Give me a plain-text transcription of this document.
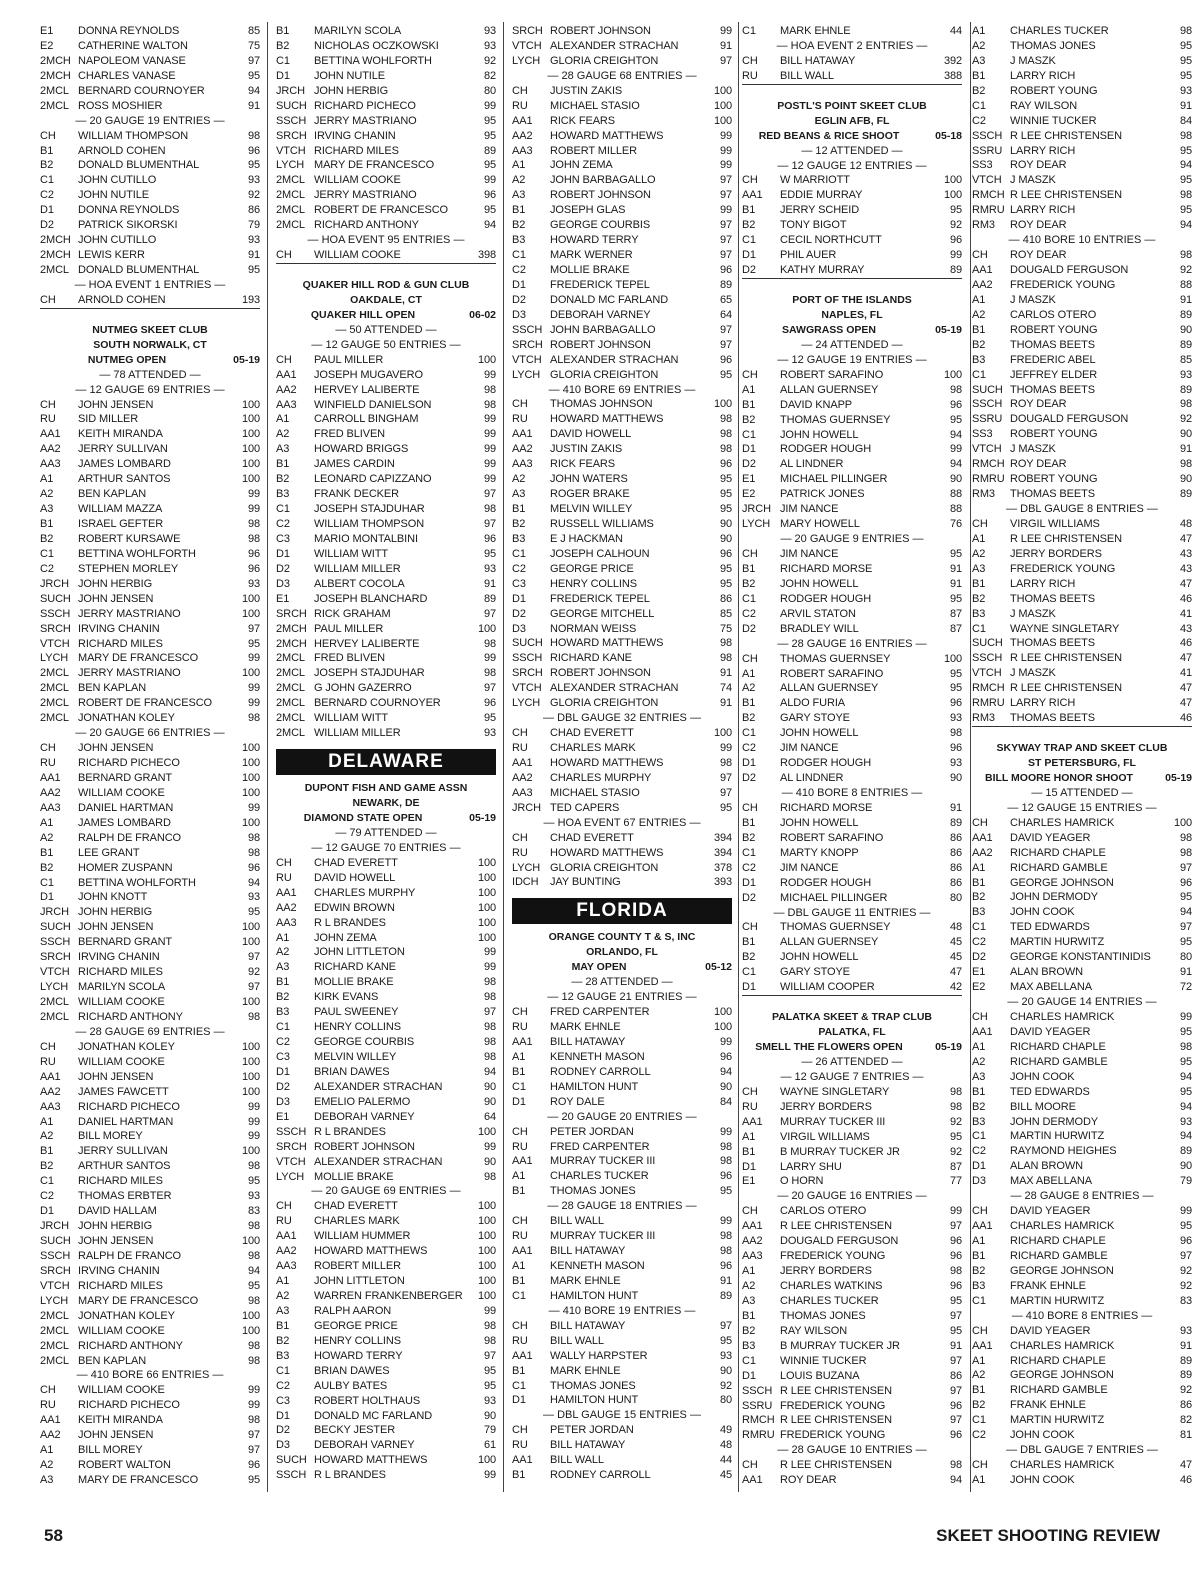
E1	DONNA REYNOLDS	85
E2	CATHERINE WALTON	75
2MCH NAPOLEOM VANASE	97
2MCH CHARLES VANASE	95
2MCL BERNARD COURNOYER	94
2MCL ROSS MOSHIER	91
— 20 GAUGE 19 ENTRIES —
CH	WILLIAM THOMPSON	98
B1	ARNOLD COHEN	96
B2	DONALD BLUMENTHAL	95
C1	JOHN CUTILLO	93
C2	JOHN NUTILE	92
D1	DONNA REYNOLDS	86
D2	PATRICK SIKORSKI	79
2MCH JOHN CUTILLO	93
2MCH LEWIS KERR	91
2MCL DONALD BLUMENTHAL	95
— HOA EVENT 1 ENTRIES —
CH	ARNOLD COHEN	193
NUTMEG SKEET CLUB
SOUTH NORWALK, CT
NUTMEG OPEN	05-19
— 78 ATTENDED —
— 12 GAUGE 69 ENTRIES —
CH	JOHN JENSEN	100
RU	SID MILLER	100
AA1	KEITH MIRANDA	100
AA2	JERRY SULLIVAN	100
AA3	JAMES LOMBARD	100
A1	ARTHUR SANTOS	100
A2	BEN KAPLAN	99
A3	WILLIAM MAZZA	99
B1	ISRAEL GEFTER	98
B2	ROBERT KURSAWE	98
C1	BETTINA WOHLFORTH	96
C2	STEPHEN MORLEY	96
JRCH JOHN HERBIG	93
SUCH JOHN JENSEN	100
SSCH JERRY MASTRIANO	100
SRCH IRVING CHANIN	97
VTCH RICHARD MILES	95
LYCH MARY DE FRANCESCO	99
2MCL JERRY MASTRIANO	100
2MCL BEN KAPLAN	99
2MCL ROBERT DE FRANCESCO	99
2MCL JONATHAN KOLEY	98
— 20 GAUGE 66 ENTRIES —
CH	JOHN JENSEN	100
RU	RICHARD PICHECO	100
AA1	BERNARD GRANT	100
AA2	WILLIAM COOKE	100
AA3	DANIEL HARTMAN	99
A1	JAMES LOMBARD	100
A2	RALPH DE FRANCO	98
B1	LEE GRANT	98
B2	HOMER ZUSPANN	96
C1	BETTINA WOHLFORTH	94
D1	JOHN KNOTT	93
JRCH JOHN HERBIG	95
SUCH JOHN JENSEN	100
SSCH BERNARD GRANT	100
SRCH IRVING CHANIN	97
VTCH RICHARD MILES	92
LYCH MARILYN SCOLA	97
2MCL WILLIAM COOKE	100
2MCL RICHARD ANTHONY	98
— 28 GAUGE 69 ENTRIES —
CH	JONATHAN KOLEY	100
RU	WILLIAM COOKE	100
AA1	JOHN JENSEN	100
AA2	JAMES FAWCETT	100
AA3	RICHARD PICHECO	99
A1	DANIEL HARTMAN	99
A2	BILL MOREY	99
B1	JERRY SULLIVAN	100
B2	ARTHUR SANTOS	98
C1	RICHARD MILES	95
C2	THOMAS ERBTER	93
D1	DAVID HALLAM	83
JRCH JOHN HERBIG	98
SUCH JOHN JENSEN	100
SSCH RALPH DE FRANCO	98
SRCH IRVING CHANIN	94
VTCH RICHARD MILES	95
LYCH MARY DE FRANCESCO	98
2MCL JONATHAN KOLEY	100
2MCL WILLIAM COOKE	100
2MCL RICHARD ANTHONY	98
2MCL BEN KAPLAN	98
— 410 BORE 66 ENTRIES —
CH	WILLIAM COOKE	99
RU	RICHARD PICHECO	99
AA1	KEITH MIRANDA	98
AA2	JOHN JENSEN	97
A1	BILL MOREY	97
A2	ROBERT WALTON	96
A3	MARY DE FRANCESCO	95
B1	MARILYN SCOLA	93
B2	NICHOLAS OCZKOWSKI	93
C1	BETTINA WOHLFORTH	92
D1	JOHN NUTILE	82
JRCH JOHN HERBIG	80
SUCH RICHARD PICHECO	99
SSCH JERRY MASTRIANO	95
SRCH IRVING CHANIN	95
VTCH RICHARD MILES	89
LYCH MARY DE FRANCESCO	95
2MCL WILLIAM COOKE	99
2MCL JERRY MASTRIANO	96
2MCL ROBERT DE FRANCESCO	95
2MCL RICHARD ANTHONY	94
— HOA EVENT 95 ENTRIES —
CH	WILLIAM COOKE	398
QUAKER HILL ROD & GUN CLUB
OAKDALE, CT
QUAKER HILL OPEN	06-02
— 50 ATTENDED —
— 12 GAUGE 50 ENTRIES —
CH	PAUL MILLER	100
AA1	JOSEPH MUGAVERO	99
AA2	HERVEY LALIBERTE	98
AA3	WINFIELD DANIELSON	98
A1	CARROLL BINGHAM	99
A2	FRED BLIVEN	99
A3	HOWARD BRIGGS	99
B1	JAMES CARDIN	99
B2	LEONARD CAPIZZANO	99
B3	FRANK DECKER	97
C1	JOSEPH STAJDUHAR	98
C2	WILLIAM THOMPSON	97
C3	MARIO MONTALBINI	96
D1	WILLIAM WITT	95
D2	WILLIAM MILLER	93
D3	ALBERT COCOLA	91
E1	JOSEPH BLANCHARD	89
SRCH RICK GRAHAM	97
2MCH PAUL MILLER	100
2MCH HERVEY LALIBERTE	98
2MCL FRED BLIVEN	99
2MCL JOSEPH STAJDUHAR	98
2MCL G JOHN GAZERRO	97
2MCL BERNARD COURNOYER	96
2MCL WILLIAM WITT	95
2MCL WILLIAM MILLER	93
DELAWARE
DUPONT FISH AND GAME ASSN
NEWARK, DE
DIAMOND STATE OPEN	05-19
— 79 ATTENDED —
— 12 GAUGE 70 ENTRIES —
CH	CHAD EVERETT	100
RU	DAVID HOWELL	100
AA1	CHARLES MURPHY	100
AA2	EDWIN BROWN	100
AA3	R L BRANDES	100
A1	JOHN ZEMA	100
A2	JOHN LITTLETON	99
A3	RICHARD KANE	99
B1	MOLLIE BRAKE	98
B2	KIRK EVANS	98
B3	PAUL SWEENEY	97
C1	HENRY COLLINS	98
C2	GEORGE COURBIS	98
C3	MELVIN WILLEY	98
D1	BRIAN DAWES	94
D2	ALEXANDER STRACHAN	90
D3	EMELIO PALERMO	90
E1	DEBORAH VARNEY	64
SSCH R L BRANDES	100
SRCH ROBERT JOHNSON	99
VTCH ALEXANDER STRACHAN	90
LYCH MOLLIE BRAKE	98
— 20 GAUGE 69 ENTRIES —
CH	CHAD EVERETT	100
RU	CHARLES MARK	100
AA1	WILLIAM HUMMER	100
AA2	HOWARD MATTHEWS	100
AA3	ROBERT MILLER	100
A1	JOHN LITTLETON	100
A2	WARREN FRANKENBERGER	100
A3	RALPH AARON	99
B1	GEORGE PRICE	98
B2	HENRY COLLINS	98
B3	HOWARD TERRY	97
C1	BRIAN DAWES	95
C2	AULBY BATES	95
C3	ROBERT HOLTHAUS	93
D1	DONALD MC FARLAND	90
D2	BECKY JESTER	79
D3	DEBORAH VARNEY	61
SUCH HOWARD MATTHEWS	100
SSCH R L BRANDES	99
SRCH ROBERT JOHNSON	99
VTCH ALEXANDER STRACHAN	91
LYCH GLORIA CREIGHTON	97
— 28 GAUGE 68 ENTRIES —
CH	JUSTIN ZAKIS	100
RU	MICHAEL STASIO	100
AA1	RICK FEARS	100
AA2	HOWARD MATTHEWS	99
AA3	ROBERT MILLER	99
A1	JOHN ZEMA	99
A2	JOHN BARBAGALLO	97
A3	ROBERT JOHNSON	97
B1	JOSEPH GLAS	99
B2	GEORGE COURBIS	97
B3	HOWARD TERRY	97
C1	MARK WERNER	97
C2	MOLLIE BRAKE	96
D1	FREDERICK TEPEL	89
D2	DONALD MC FARLAND	65
D3	DEBORAH VARNEY	64
SSCH JOHN BARBAGALLO	97
SRCH ROBERT JOHNSON	97
VTCH ALEXANDER STRACHAN	96
LYCH GLORIA CREIGHTON	95
— 410 BORE 69 ENTRIES —
CH	THOMAS JOHNSON	100
RU	HOWARD MATTHEWS	98
AA1	DAVID HOWELL	98
AA2	JUSTIN ZAKIS	98
AA3	RICK FEARS	96
A2	JOHN WATERS	95
A3	ROGER BRAKE	95
B1	MELVIN WILLEY	95
B2	RUSSELL WILLIAMS	90
B3	E J HACKMAN	90
C1	JOSEPH CALHOUN	96
C2	GEORGE PRICE	95
C3	HENRY COLLINS	95
D1	FREDERICK TEPEL	86
D2	GEORGE MITCHELL	85
D3	NORMAN WEISS	75
SUCH HOWARD MATTHEWS	98
SSCH RICHARD KANE	98
SRCH ROBERT JOHNSON	91
VTCH ALEXANDER STRACHAN	74
LYCH GLORIA CREIGHTON	91
— DBL GAUGE 32 ENTRIES —
CH	CHAD EVERETT	100
RU	CHARLES MARK	99
AA1	HOWARD MATTHEWS	98
AA2	CHARLES MURPHY	97
AA3	MICHAEL STASIO	97
JRCH TED CAPERS	95
— HOA EVENT 67 ENTRIES —
CH	CHAD EVERETT	394
RU	HOWARD MATTHEWS	394
LYCH GLORIA CREIGHTON	378
IDCH	JAY BUNTING	393
FLORIDA
ORANGE COUNTY T & S, INC
ORLANDO, FL
MAY OPEN	05-12
— 28 ATTENDED —
— 12 GAUGE 21 ENTRIES —
CH	FRED CARPENTER	100
RU	MARK EHNLE	100
AA1	BILL HATAWAY	99
A1	KENNETH MASON	96
B1	RODNEY CARROLL	94
C1	HAMILTON HUNT	90
D1	ROY DALE	84
— 20 GAUGE 20 ENTRIES —
CH	PETER JORDAN	99
RU	FRED CARPENTER	98
AA1	MURRAY TUCKER III	98
A1	CHARLES TUCKER	96
B1	THOMAS JONES	95
— 28 GAUGE 18 ENTRIES —
CH	BILL WALL	99
RU	MURRAY TUCKER III	98
AA1	BILL HATAWAY	98
A1	KENNETH MASON	96
B1	MARK EHNLE	91
C1	HAMILTON HUNT	89
— 410 BORE 19 ENTRIES —
CH	BILL HATAWAY	97
RU	BILL WALL	95
AA1	WALLY HARPSTER	93
B1	MARK EHNLE	90
C1	THOMAS JONES	92
D1	HAMILTON HUNT	80
— DBL GAUGE 15 ENTRIES —
CH	PETER JORDAN	49
RU	BILL HATAWAY	48
AA1	BILL WALL	44
B1	RODNEY CARROLL	45
C1	MARK EHNLE	44
— HOA EVENT 2 ENTRIES —
CH	BILL HATAWAY	392
RU	BILL WALL	388
POSTL'S POINT SKEET CLUB
EGLIN AFB, FL
RED BEANS & RICE SHOOT	05-18
— 12 ATTENDED —
— 12 GAUGE 12 ENTRIES —
CH	W MARRIOTT	100
AA1	EDDIE MURRAY	100
B1	JERRY SCHEID	95
B2	TONY BIGOT	92
C1	CECIL NORTHCUTT	96
D1	PHIL AUER	99
D2	KATHY MURRAY	89
PORT OF THE ISLANDS
NAPLES, FL
SAWGRASS OPEN	05-19
— 24 ATTENDED —
— 12 GAUGE 19 ENTRIES —
CH	ROBERT SARAFINO	100
A1	ALLAN GUERNSEY	98
B1	DAVID KNAPP	96
B2	THOMAS GUERNSEY	95
C1	JOHN HOWELL	94
D1	RODGER HOUGH	99
D2	AL LINDNER	94
E1	MICHAEL PILLINGER	90
E2	PATRICK JONES	88
JRCH JIM NANCE	88
LYCH MARY HOWELL	76
— 20 GAUGE 9 ENTRIES —
CH	JIM NANCE	95
B1	RICHARD MORSE	91
B2	JOHN HOWELL	91
C1	RODGER HOUGH	95
C2	ARVIL STATON	87
D2	BRADLEY WILL	87
— 28 GAUGE 16 ENTRIES —
CH	THOMAS GUERNSEY	100
A1	ROBERT SARAFINO	95
A2	ALLAN GUERNSEY	95
B1	ALDO FURIA	96
B2	GARY STOYE	93
C1	JOHN HOWELL	98
C2	JIM NANCE	96
D1	RODGER HOUGH	93
D2	AL LINDNER	90
— 410 BORE 8 ENTRIES —
CH	RICHARD MORSE	91
B1	JOHN HOWELL	89
B2	ROBERT SARAFINO	86
C1	MARTY KNOPP	86
C2	JIM NANCE	86
D1	RODGER HOUGH	86
D2	MICHAEL PILLINGER	80
— DBL GAUGE 11 ENTRIES —
CH	THOMAS GUERNSEY	48
B1	ALLAN GUERNSEY	45
B2	JOHN HOWELL	45
C1	GARY STOYE	47
D1	WILLIAM COOPER	42
PALATKA SKEET & TRAP CLUB
PALATKA, FL
SMELL THE FLOWERS OPEN	05-19
— 26 ATTENDED —
— 12 GAUGE 7 ENTRIES —
CH	WAYNE SINGLETARY	98
RU	JERRY BORDERS	98
AA1	MURRAY TUCKER III	92
A1	VIRGIL WILLIAMS	95
B1	B MURRAY TUCKER JR	92
D1	LARRY SHU	87
E1	O HORN	77
— 20 GAUGE 16 ENTRIES —
CH	CARLOS OTERO	99
AA1	R LEE CHRISTENSEN	97
AA2	DOUGALD FERGUSON	96
AA3	FREDERICK YOUNG	96
A1	JERRY BORDERS	98
A2	CHARLES WATKINS	96
A3	CHARLES TUCKER	95
B1	THOMAS JONES	97
B2	RAY WILSON	95
B3	B MURRAY TUCKER JR	91
C1	WINNIE TUCKER	97
D1	LOUIS BUZANA	86
SSCH R LEE CHRISTENSEN	97
SSRU FREDERICK YOUNG	96
RMCH R LEE CHRISTENSEN	97
RMRU FREDERICK YOUNG	96
— 28 GAUGE 10 ENTRIES —
CH	R LEE CHRISTENSEN	98
AA1	ROY DEAR	94
A1	CHARLES TUCKER	98
A2	THOMAS JONES	95
A3	J MASZK	95
B1	LARRY RICH	95
B2	ROBERT YOUNG	93
C1	RAY WILSON	91
C2	WINNIE TUCKER	84
SSCH R LEE CHRISTENSEN	98
SSRU LARRY RICH	95
SS3	ROY DEAR	94
VTCH J MASZK	95
RMCH R LEE CHRISTENSEN	98
RMRU LARRY RICH	95
RM3	ROY DEAR	94
— 410 BORE 10 ENTRIES —
CH	ROY DEAR	98
AA1	DOUGALD FERGUSON	92
AA2	FREDERICK YOUNG	88
A1	J MASZK	91
A2	CARLOS OTERO	89
B1	ROBERT YOUNG	90
B2	THOMAS BEETS	89
B3	FREDERIC ABEL	85
C1	JEFFREY ELDER	93
SUCH THOMAS BEETS	89
SSCH ROY DEAR	98
SSRU DOUGALD FERGUSON	92
SS3	ROBERT YOUNG	90
VTCH J MASZK	91
RMCH ROY DEAR	98
RMRU ROBERT YOUNG	90
RM3	THOMAS BEETS	89
— DBL GAUGE 8 ENTRIES —
CH	VIRGIL WILLIAMS	48
A1	R LEE CHRISTENSEN	47
A2	JERRY BORDERS	43
A3	FREDERICK YOUNG	43
B1	LARRY RICH	47
B2	THOMAS BEETS	46
B3	J MASZK	41
C1	WAYNE SINGLETARY	43
SUCH THOMAS BEETS	46
SSCH R LEE CHRISTENSEN	47
VTCH J MASZK	41
RMCH R LEE CHRISTENSEN	47
RMRU LARRY RICH	47
RM3	THOMAS BEETS	46
SKYWAY TRAP AND SKEET CLUB
ST PETERSBURG, FL
BILL MOORE HONOR SHOOT	05-19
— 15 ATTENDED —
— 12 GAUGE 15 ENTRIES —
CH	CHARLES HAMRICK	100
AA1	DAVID YEAGER	98
AA2	RICHARD CHAPLE	98
A1	RICHARD GAMBLE	97
B1	GEORGE JOHNSON	96
B2	JOHN DERMODY	95
B3	JOHN COOK	94
C1	TED EDWARDS	97
C2	MARTIN HURWITZ	95
D2	GEORGE KONSTANTINIDIS	80
E1	ALAN BROWN	91
E2	MAX ABELLANA	72
— 20 GAUGE 14 ENTRIES —
CH	CHARLES HAMRICK	99
AA1	DAVID YEAGER	95
A1	RICHARD CHAPLE	98
A2	RICHARD GAMBLE	95
A3	JOHN COOK	94
B1	TED EDWARDS	95
B2	BILL MOORE	94
B3	JOHN DERMODY	93
C1	MARTIN HURWITZ	94
C2	RAYMOND HEIGHES	89
D1	ALAN BROWN	90
D3	MAX ABELLANA	79
— 28 GAUGE 8 ENTRIES —
CH	DAVID YEAGER	99
AA1	CHARLES HAMRICK	95
A1	RICHARD CHAPLE	96
B1	RICHARD GAMBLE	97
B2	GEORGE JOHNSON	92
B3	FRANK EHNLE	92
C1	MARTIN HURWITZ	83
— 410 BORE 8 ENTRIES —
CH	DAVID YEAGER	93
AA1	CHARLES HAMRICK	91
A1	RICHARD CHAPLE	89
A2	GEORGE JOHNSON	89
B1	RICHARD GAMBLE	92
B2	FRANK EHNLE	86
C1	MARTIN HURWITZ	82
C2	JOHN COOK	81
— DBL GAUGE 7 ENTRIES —
CH	CHARLES HAMRICK	47
A1	JOHN COOK	46
58	SKEET SHOOTING REVIEW
